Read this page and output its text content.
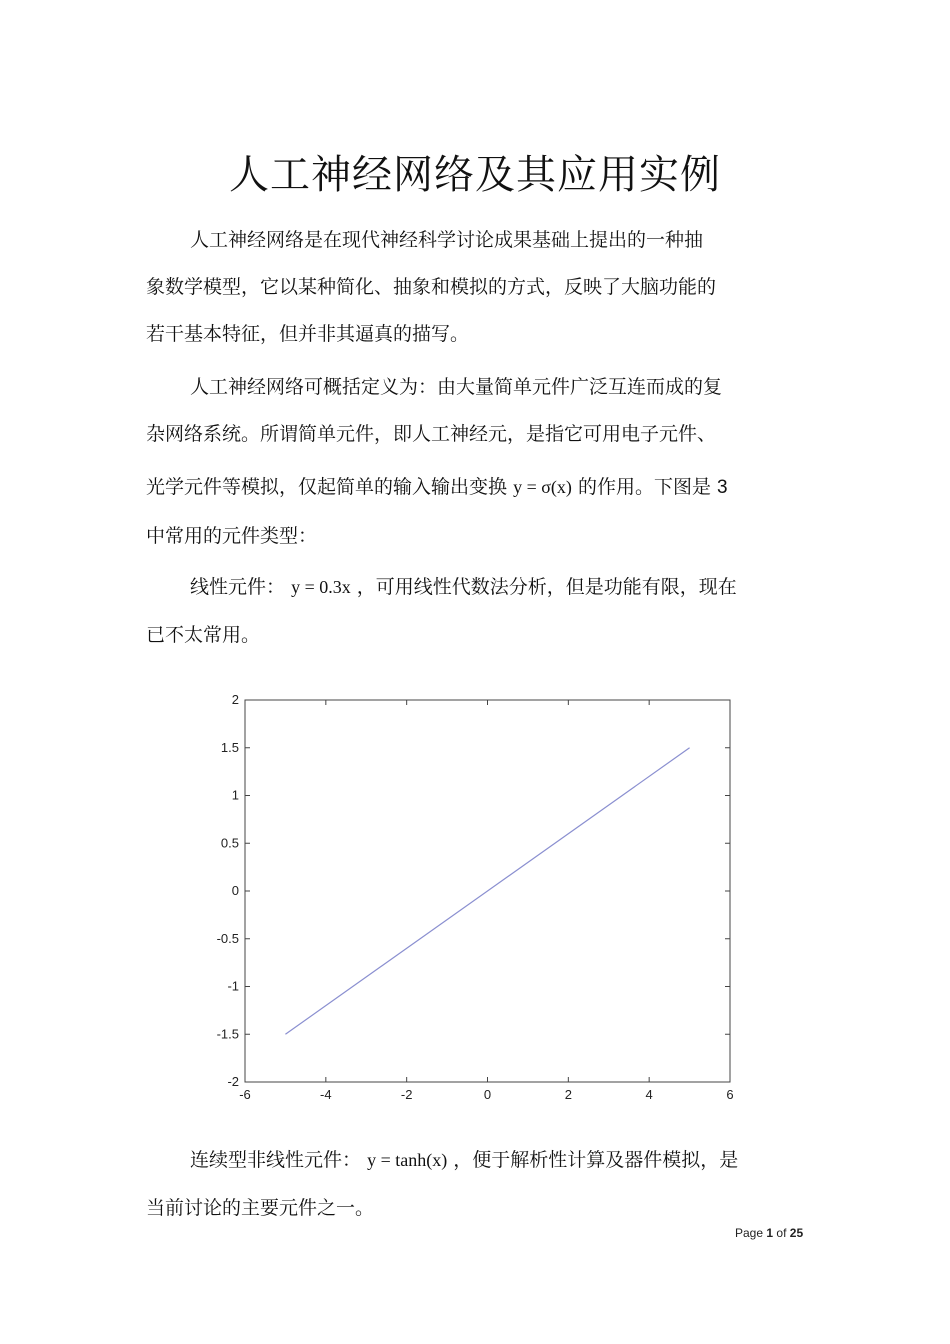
人工神经网络及其应用实例
人工神经网络是在现代神经科学讨论成果基础上提出的一种抽
象数学模型，它以某种简化、抽象和模拟的方式，反映了大脑功能的
若干基本特征，但并非其逼真的描写。
人工神经网络可概括定义为：由大量简单元件广泛互连而成的复
杂网络系统。所谓简单元件，即人工神经元，是指它可用电子元件、
光学元件等模拟，仅起简单的输入输出变换 y = σ(x) 的作用。下图是 3
中常用的元件类型：
线性元件： y = 0.3x ，可用线性代数法分析，但是功能有限，现在
已不太常用。
-6	-4	-2	0	2	4	6
2
1.5
1
0.5
0
-0.5
-1
-1.5
-2
连续型非线性元件： y = tanh(x) ，便于解析性计算及器件模拟，是
当前讨论的主要元件之一。
Page 1 of 25
